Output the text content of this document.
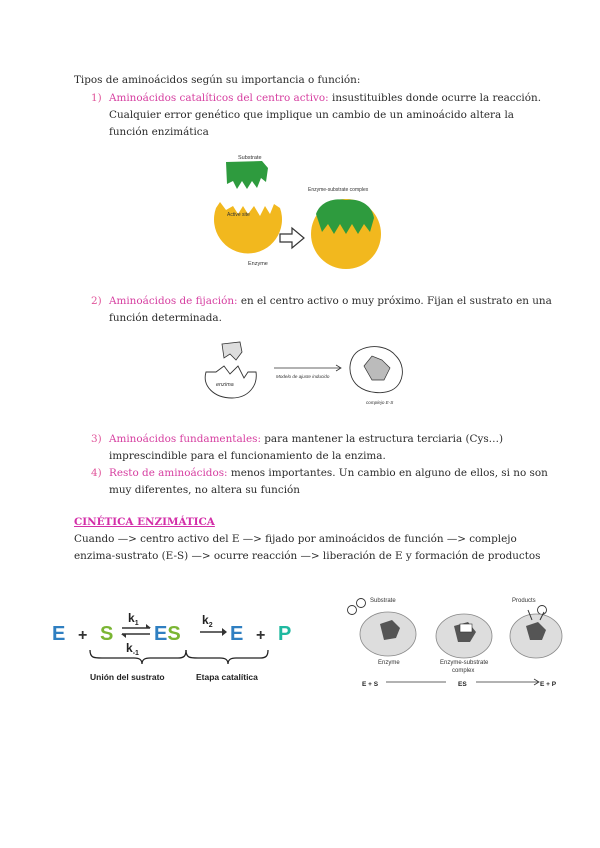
Tipos de aminoácidos según su importancia o función:
1) Aminoácidos catalíticos del centro activo: insustituibles donde ocurre la reacción.
Cualquier error genético que implique un cambio de un aminoácido altera la
función enzimática
Substrate
Active site
Enzyme
Enzyme-substrate complex
2) Aminoácidos de fijación: en el centro activo o muy próximo. Fijan el sustrato en una
función determinada.
enzima
Modelo de ajuste inducido
complejo E-S
3) Aminoácidos fundamentales: para mantener la estructura terciaria (Cys…)
imprescindible para el funcionamiento de la enzima.
4) Resto de aminoácidos: menos importantes. Un cambio en alguno de ellos, si no son
muy diferentes, no altera su función
CINÉTICA ENZIMÁTICA
Cuando —> centro activo del E —> fijado por aminoácidos de función —> complejo
enzima-sustrato (E-S) —> ocurre reacción —> liberación de E y formación de productos
E + S
$k_1$
$k_{-1}$
ES
$k_2$ E + P
Unión del sustrato	Etapa catalítica
Substrate
Enzyme	Enzyme-substrate
complex
Products
E + S	ES	E + P
